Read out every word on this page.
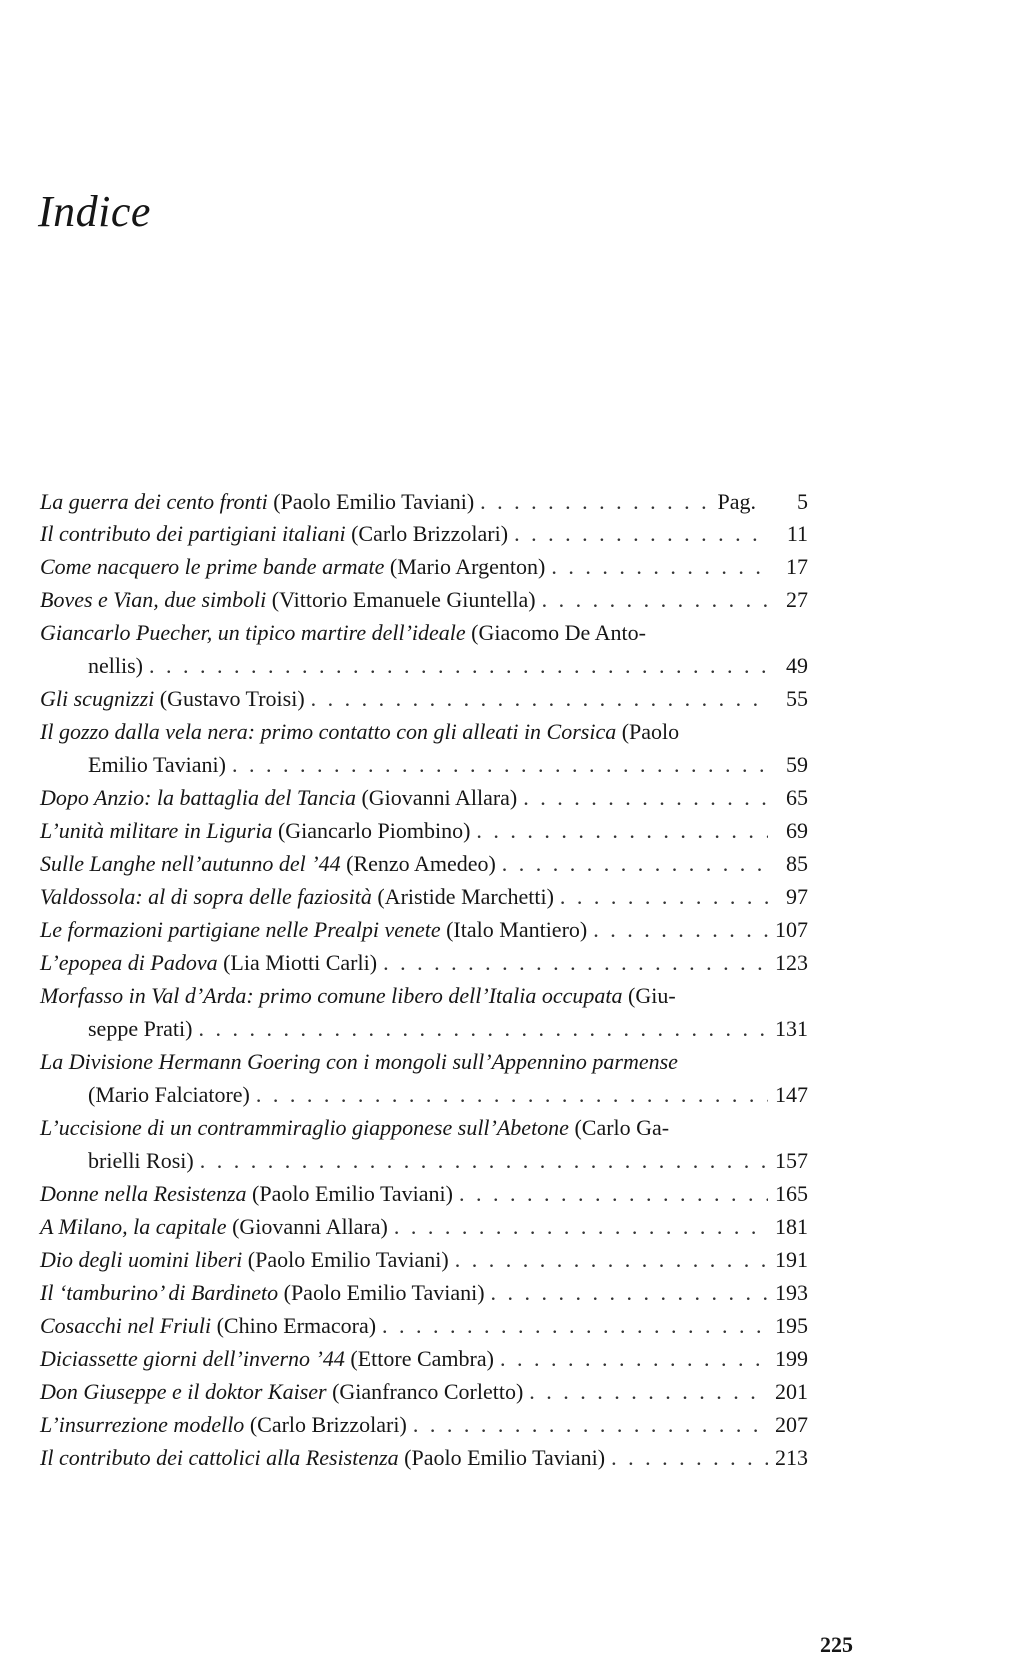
Indice
La guerra dei cento fronti (Paolo Emilio Taviani) . . .	Pag.	5
Il contributo dei partigiani italiani (Carlo Brizzolari) . . .	11
Come nacquero le prime bande armate (Mario Argenton) . . .	17
Boves e Vian, due simboli (Vittorio Emanuele Giuntella) . . .	27
Giancarlo Puecher, un tipico martire dell’ideale (Giacomo De Anto-
nellis) . . .	49
Gli scugnizzi (Gustavo Troisi) . . .	55
Il gozzo dalla vela nera: primo contatto con gli alleati in Corsica (Paolo
Emilio Taviani) . . .	59
Dopo Anzio: la battaglia del Tancia (Giovanni Allara) . . .	65
L’unità militare in Liguria (Giancarlo Piombino) . . .	69
Sulle Langhe nell’autunno del ’44 (Renzo Amedeo) . . .	85
Valdossola: al di sopra delle faziosità (Aristide Marchetti) . . .	97
Le formazioni partigiane nelle Prealpi venete (Italo Mantiero) . . .	107
L’epopea di Padova (Lia Miotti Carli) . . .	123
Morfasso in Val d’Arda: primo comune libero dell’Italia occupata (Giu-
seppe Prati) . . .	131
La Divisione Hermann Goering con i mongoli sull’Appennino parmense
(Mario Falciatore) . . .	147
L’uccisione di un contrammiraglio giapponese sull’Abetone (Carlo Ga-
brielli Rosi) . . .	157
Donne nella Resistenza (Paolo Emilio Taviani) . . .	165
A Milano, la capitale (Giovanni Allara) . . .	181
Dio degli uomini liberi (Paolo Emilio Taviani) . . .	191
Il ‘tamburino’ di Bardineto (Paolo Emilio Taviani) . . .	193
Cosacchi nel Friuli (Chino Ermacora) . . .	195
Diciassette giorni dell’inverno ’44 (Ettore Cambra) . . .	199
Don Giuseppe e il doktor Kaiser (Gianfranco Corletto) . . .	201
L’insurrezione modello (Carlo Brizzolari) . . .	207
Il contributo dei cattolici alla Resistenza (Paolo Emilio Taviani) . . .	213
225
